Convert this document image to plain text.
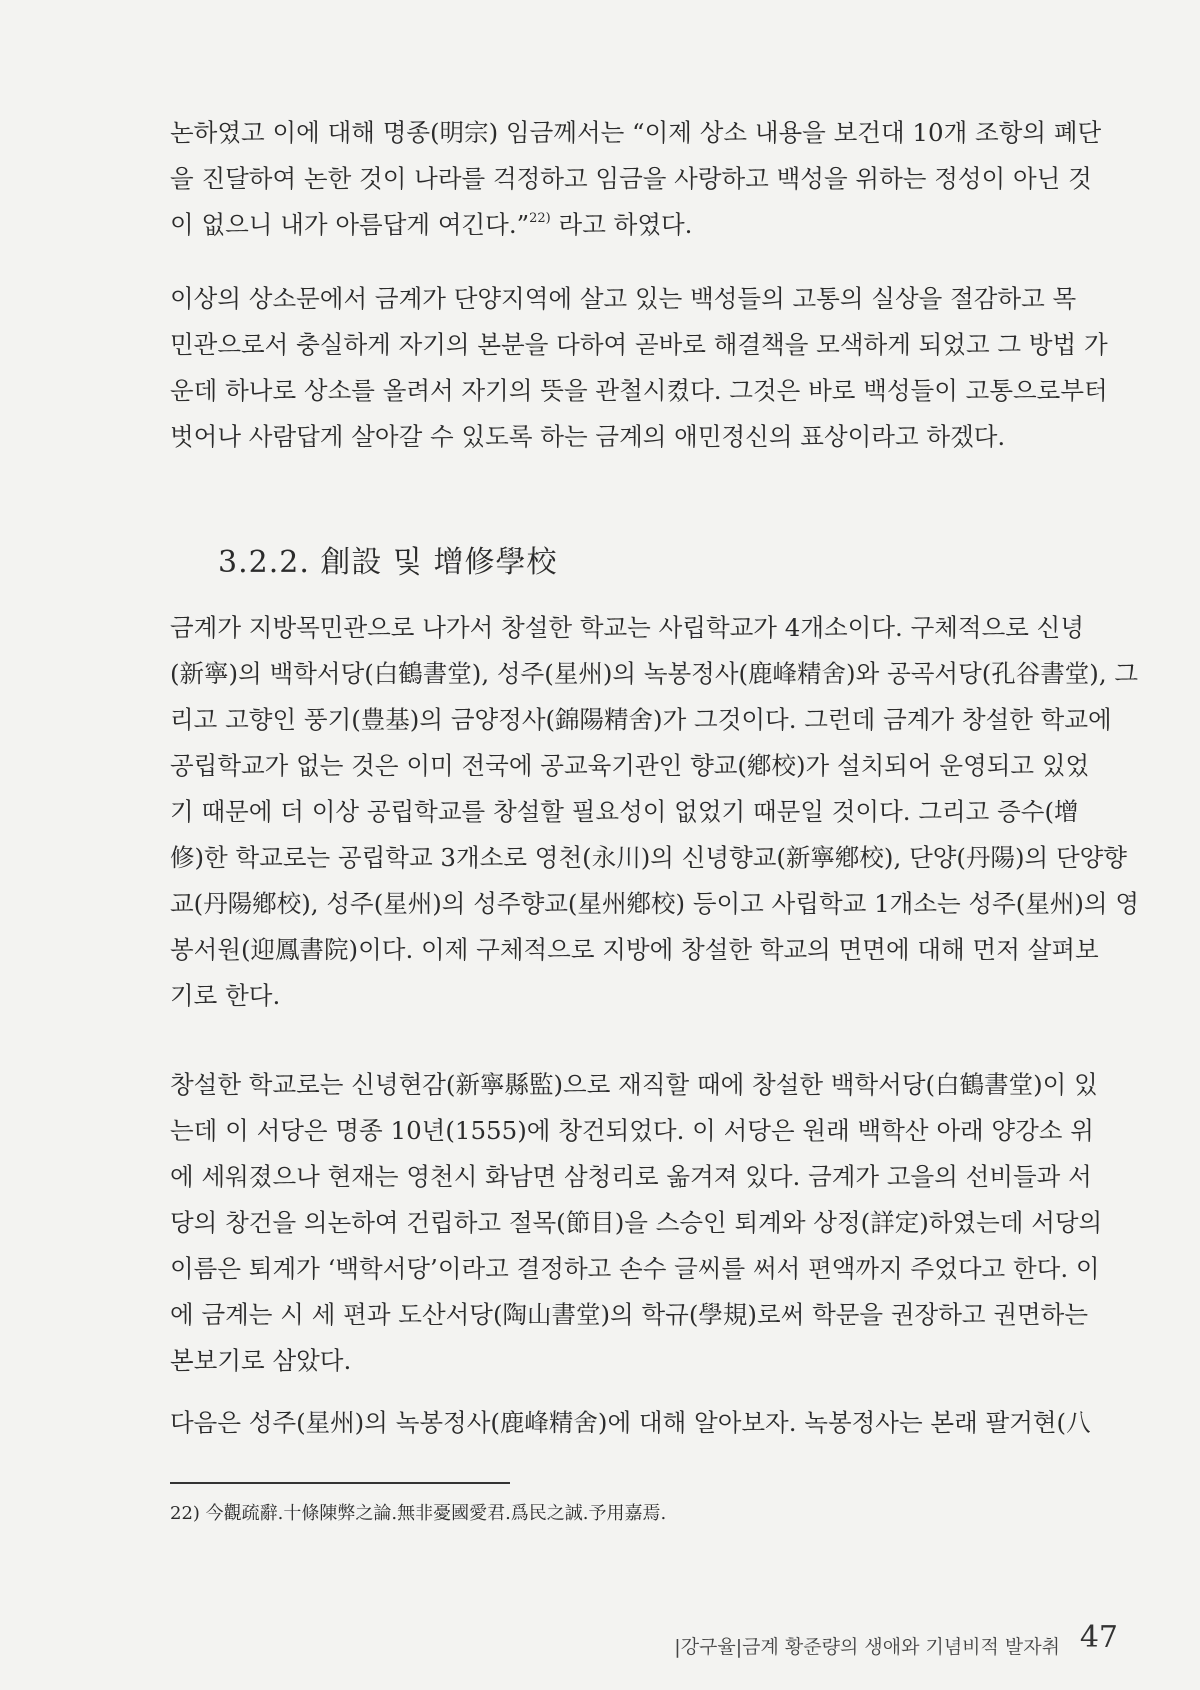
논하였고 이에 대해 명종(明宗) 임금께서는 “이제 상소 내용을 보건대 10개 조항의 폐단
을 진달하여 논한 것이 나라를 걱정하고 임금을 사랑하고 백성을 위하는 정성이 아닌 것
이 없으니 내가 아름답게 여긴다.”$^{22)}$ 라고 하였다.
이상의 상소문에서 금계가 단양지역에 살고 있는 백성들의 고통의 실상을 절감하고 목
민관으로서 충실하게 자기의 본분을 다하여 곧바로 해결책을 모색하게 되었고 그 방법 가
운데 하나로 상소를 올려서 자기의 뜻을 관철시켰다. 그것은 바로 백성들이 고통으로부터
벗어나 사람답게 살아갈 수 있도록 하는 금계의 애민정신의 표상이라고 하겠다.
3.2.2. 創設 및 增修學校
금계가 지방목민관으로 나가서 창설한 학교는 사립학교가 4개소이다. 구체적으로 신녕
(新寧)의 백학서당(白鶴書堂), 성주(星州)의 녹봉정사(鹿峰精舍)와 공곡서당(孔谷書堂), 그
리고 고향인 풍기(豊基)의 금양정사(錦陽精舍)가 그것이다. 그런데 금계가 창설한 학교에
공립학교가 없는 것은 이미 전국에 공교육기관인 향교(鄕校)가 설치되어 운영되고 있었
기 때문에 더 이상 공립학교를 창설할 필요성이 없었기 때문일 것이다. 그리고 증수(增
修)한 학교로는 공립학교 3개소로 영천(永川)의 신녕향교(新寧鄕校), 단양(丹陽)의 단양향
교(丹陽鄕校), 성주(星州)의 성주향교(星州鄕校) 등이고 사립학교 1개소는 성주(星州)의 영
봉서원(迎鳳書院)이다. 이제 구체적으로 지방에 창설한 학교의 면면에 대해 먼저 살펴보
기로 한다.
창설한 학교로는 신녕현감(新寧縣監)으로 재직할 때에 창설한 백학서당(白鶴書堂)이 있
는데 이 서당은 명종 10년(1555)에 창건되었다. 이 서당은 원래 백학산 아래 양강소 위
에 세워졌으나 현재는 영천시 화남면 삼청리로 옮겨져 있다. 금계가 고을의 선비들과 서
당의 창건을 의논하여 건립하고 절목(節目)을 스승인 퇴계와 상정(詳定)하였는데 서당의
이름은 퇴계가 ‘백학서당’이라고 결정하고 손수 글씨를 써서 편액까지 주었다고 한다. 이
에 금계는 시 세 편과 도산서당(陶山書堂)의 학규(學規)로써 학문을 권장하고 권면하는
본보기로 삼았다.
다음은 성주(星州)의 녹봉정사(鹿峰精舍)에 대해 알아보자. 녹봉정사는 본래 팔거현(八
22) 今觀疏辭.十條陳弊之論.無非憂國愛君.爲民之誠.予用嘉焉.
|강구율|금계 황준량의 생애와 기념비적 발자취 47
